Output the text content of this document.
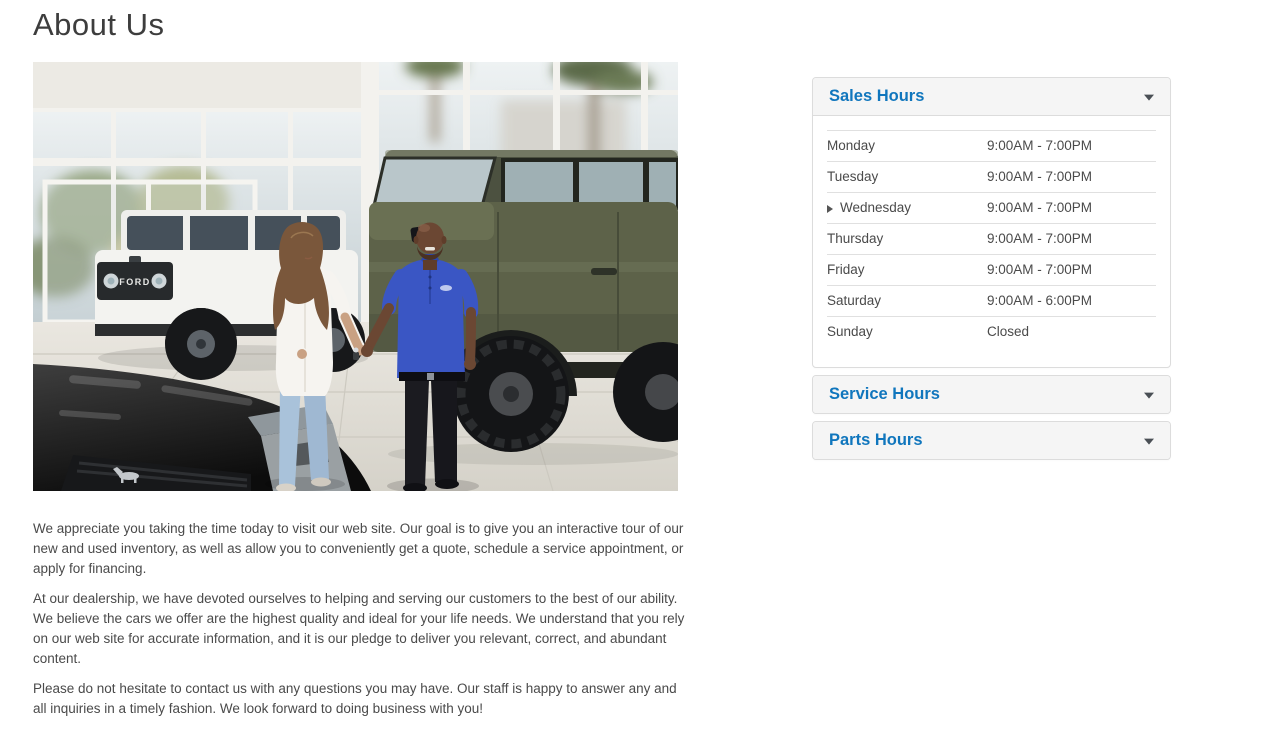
About Us
FORD

We appreciate you taking the time today to visit our web site. Our goal is to give you an interactive tour of our new and used inventory, as well as allow you to conveniently get a quote, schedule a service appointment, or apply for financing.

At our dealership, we have devoted ourselves to helping and serving our customers to the best of our ability. We believe the cars we offer are the highest quality and ideal for your life needs. We understand that you rely on our web site for accurate information, and it is our pledge to deliver you relevant, correct, and abundant content.

Please do not hesitate to contact us with any questions you may have. Our staff is happy to answer any and all inquiries in a timely fashion. We look forward to doing business with you!

Sales Hours
Monday	9:00AM - 7:00PM
Tuesday	9:00AM - 7:00PM
Wednesday	9:00AM - 7:00PM
Thursday	9:00AM - 7:00PM
Friday	9:00AM - 7:00PM
Saturday	9:00AM - 6:00PM
Sunday	Closed
Service Hours
Parts Hours
